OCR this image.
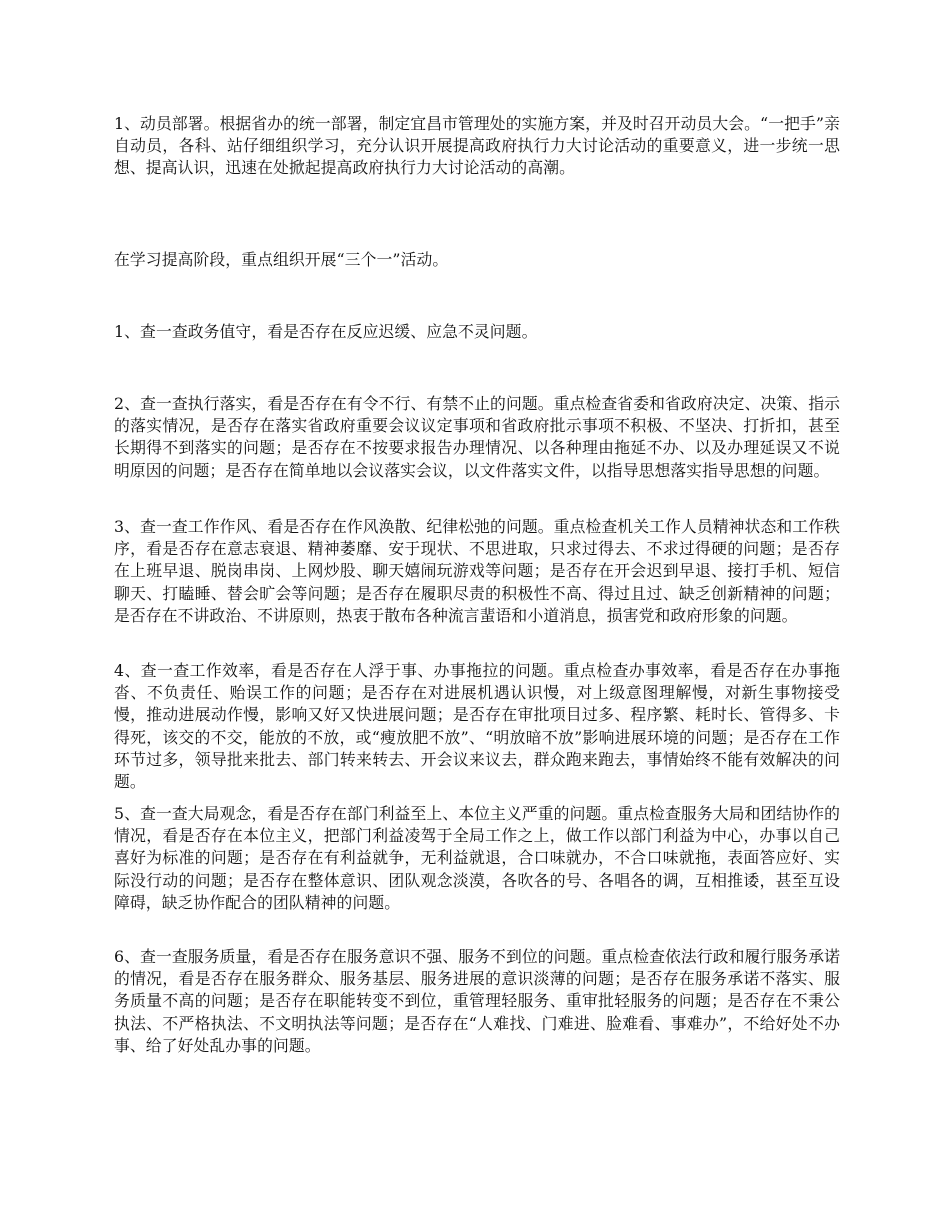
1、动员部署。根据省办的统一部署，制定宜昌市管理处的实施方案，并及时召开动员大会。“一把手”亲自动员，各科、站仔细组织学习，充分认识开展提高政府执行力大讨论活动的重要意义，进一步统一思想、提高认识，迅速在处掀起提高政府执行力大讨论活动的高潮。

在学习提高阶段，重点组织开展“三个一”活动。

1、查一查政务值守，看是否存在反应迟缓、应急不灵问题。

2、查一查执行落实，看是否存在有令不行、有禁不止的问题。重点检查省委和省政府决定、决策、指示的落实情况，是否存在落实省政府重要会议议定事项和省政府批示事项不积极、不坚决、打折扣，甚至长期得不到落实的问题；是否存在不按要求报告办理情况、以各种理由拖延不办、以及办理延误又不说明原因的问题；是否存在简单地以会议落实会议，以文件落实文件，以指导思想落实指导思想的问题。

3、查一查工作作风、看是否存在作风涣散、纪律松弛的问题。重点检查机关工作人员精神状态和工作秩序，看是否存在意志衰退、精神萎靡、安于现状、不思进取，只求过得去、不求过得硬的问题；是否存在上班早退、脱岗串岗、上网炒股、聊天嬉闹玩游戏等问题；是否存在开会迟到早退、接打手机、短信聊天、打瞌睡、替会旷会等问题；是否存在履职尽责的积极性不高、得过且过、缺乏创新精神的问题；是否存在不讲政治、不讲原则，热衷于散布各种流言蜚语和小道消息，损害党和政府形象的问题。

4、查一查工作效率，看是否存在人浮于事、办事拖拉的问题。重点检查办事效率，看是否存在办事拖沓、不负责任、贻误工作的问题；是否存在对进展机遇认识慢，对上级意图理解慢，对新生事物接受慢，推动进展动作慢，影响又好又快进展问题；是否存在审批项目过多、程序繁、耗时长、管得多、卡得死，该交的不交，能放的不放，或“瘦放肥不放”、“明放暗不放”影响进展环境的问题；是否存在工作环节过多，领导批来批去、部门转来转去、开会议来议去，群众跑来跑去，事情始终不能有效解决的问题。

5、查一查大局观念，看是否存在部门利益至上、本位主义严重的问题。重点检查服务大局和团结协作的情况，看是否存在本位主义，把部门利益凌驾于全局工作之上，做工作以部门利益为中心，办事以自己喜好为标准的问题；是否存在有利益就争，无利益就退，合口味就办，不合口味就拖，表面答应好、实际没行动的问题；是否存在整体意识、团队观念淡漠，各吹各的号、各唱各的调，互相推诿，甚至互设障碍，缺乏协作配合的团队精神的问题。

6、查一查服务质量，看是否存在服务意识不强、服务不到位的问题。重点检查依法行政和履行服务承诺的情况，看是否存在服务群众、服务基层、服务进展的意识淡薄的问题；是否存在服务承诺不落实、服务质量不高的问题；是否存在职能转变不到位，重管理轻服务、重审批轻服务的问题；是否存在不秉公执法、不严格执法、不文明执法等问题；是否存在“人难找、门难进、脸难看、事难办”，不给好处不办事、给了好处乱办事的问题。
